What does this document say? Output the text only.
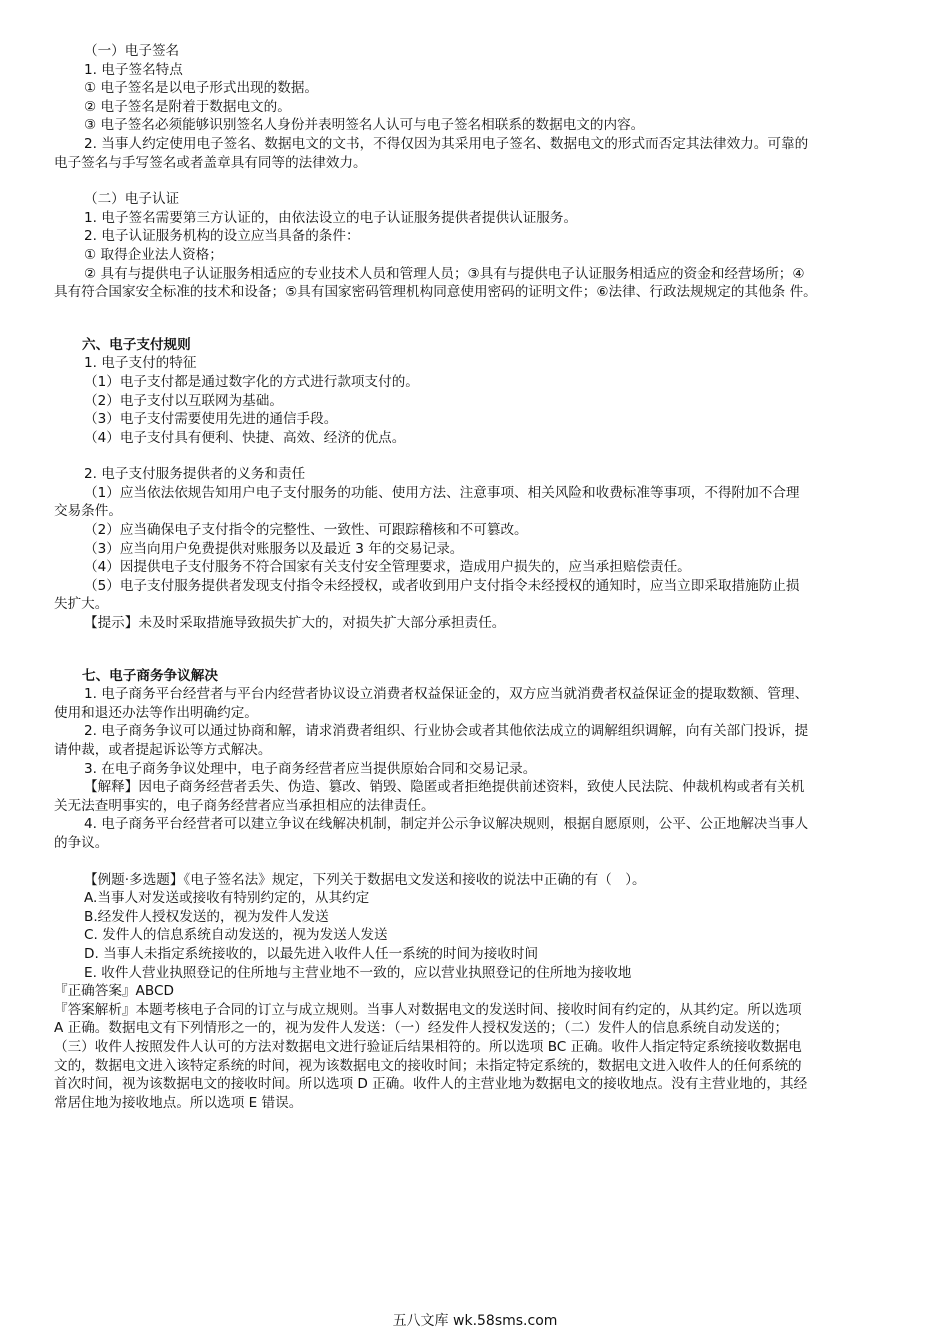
（一）电子签名
1. 电子签名特点
① 电子签名是以电子形式出现的数据。
② 电子签名是附着于数据电文的。
③ 电子签名必须能够识别签名人身份并表明签名人认可与电子签名相联系的数据电文的内容。
2. 当事人约定使用电子签名、数据电文的文书，不得仅因为其采用电子签名、数据电文的形式而否定其法律效力。可靠的
电子签名与手写签名或者盖章具有同等的法律效力。
（二）电子认证
1. 电子签名需要第三方认证的，由依法设立的电子认证服务提供者提供认证服务。
2. 电子认证服务机构的设立应当具备的条件：
① 取得企业法人资格；
② 具有与提供电子认证服务相适应的专业技术人员和管理人员；③具有与提供电子认证服务相适应的资金和经营场所；④
具有符合国家安全标准的技术和设备；⑤具有国家密码管理机构同意使用密码的证明文件；⑥法律、行政法规规定的其他条 件。
六、电子支付规则
1. 电子支付的特征
（1）电子支付都是通过数字化的方式进行款项支付的。
（2）电子支付以互联网为基础。
（3）电子支付需要使用先进的通信手段。
（4）电子支付具有便利、快捷、高效、经济的优点。
2. 电子支付服务提供者的义务和责任
（1）应当依法依规告知用户电子支付服务的功能、使用方法、注意事项、相关风险和收费标准等事项，不得附加不合理
交易条件。
（2）应当确保电子支付指令的完整性、一致性、可跟踪稽核和不可篡改。
（3）应当向用户免费提供对账服务以及最近 3 年的交易记录。
（4）因提供电子支付服务不符合国家有关支付安全管理要求，造成用户损失的，应当承担赔偿责任。
（5）电子支付服务提供者发现支付指令未经授权，或者收到用户支付指令未经授权的通知时，应当立即采取措施防止损
失扩大。
【提示】未及时采取措施导致损失扩大的，对损失扩大部分承担责任。
七、电子商务争议解决
1. 电子商务平台经营者与平台内经营者协议设立消费者权益保证金的，双方应当就消费者权益保证金的提取数额、管理、
使用和退还办法等作出明确约定。
2. 电子商务争议可以通过协商和解，请求消费者组织、行业协会或者其他依法成立的调解组织调解，向有关部门投诉，提
请仲裁，或者提起诉讼等方式解决。
3. 在电子商务争议处理中，电子商务经营者应当提供原始合同和交易记录。
【解释】因电子商务经营者丢失、伪造、篡改、销毁、隐匿或者拒绝提供前述资料，致使人民法院、仲裁机构或者有关机
关无法查明事实的，电子商务经营者应当承担相应的法律责任。
4. 电子商务平台经营者可以建立争议在线解决机制，制定并公示争议解决规则，根据自愿原则，公平、公正地解决当事人
的争议。
【例题·多选题】《电子签名法》规定，下列关于数据电文发送和接收的说法中正确的有（　）。
A.当事人对发送或接收有特别约定的，从其约定
B.经发件人授权发送的，视为发件人发送
C. 发件人的信息系统自动发送的，视为发送人发送
D. 当事人未指定系统接收的，以最先进入收件人任一系统的时间为接收时间
E. 收件人营业执照登记的住所地与主营业地不一致的，应以营业执照登记的住所地为接收地
『正确答案』ABCD
『答案解析』本题考核电子合同的订立与成立规则。当事人对数据电文的发送时间、接收时间有约定的，从其约定。所以选项
A 正确。数据电文有下列情形之一的，视为发件人发送：（一）经发件人授权发送的；（二）发件人的信息系统自动发送的；
（三）收件人按照发件人认可的方法对数据电文进行验证后结果相符的。所以选项 BC 正确。收件人指定特定系统接收数据电
文的，数据电文进入该特定系统的时间，视为该数据电文的接收时间；未指定特定系统的，数据电文进入收件人的任何系统的
首次时间，视为该数据电文的接收时间。所以选项 D 正确。收件人的主营业地为数据电文的接收地点。没有主营业地的，其经
常居住地为接收地点。所以选项 E 错误。
五八文库 wk.58sms.com
